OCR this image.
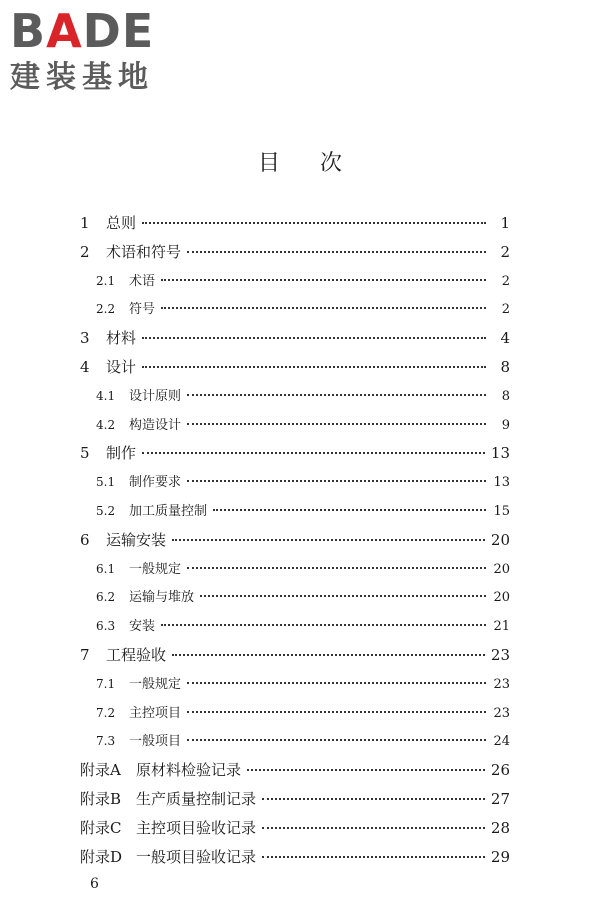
BADE
建装基地
目次
1	总则	1
2	术语和符号	2
2.1	术语	2
2.2	符号	2
3	材料	4
4	设计	8
4.1	设计原则	8
4.2	构造设计	9
5	制作	13
5.1	制作要求	13
5.2	加工质量控制	15
6	运输安装	20
6.1	一般规定	20
6.2	运输与堆放	20
6.3	安装	21
7	工程验收	23
7.1	一般规定	23
7.2	主控项目	23
7.3	一般项目	24
附录A	原材料检验记录	26
附录B 生产质量控制记录	27
附录C 主控项目验收记录	28
附录D 一般项目验收记录	29
6
